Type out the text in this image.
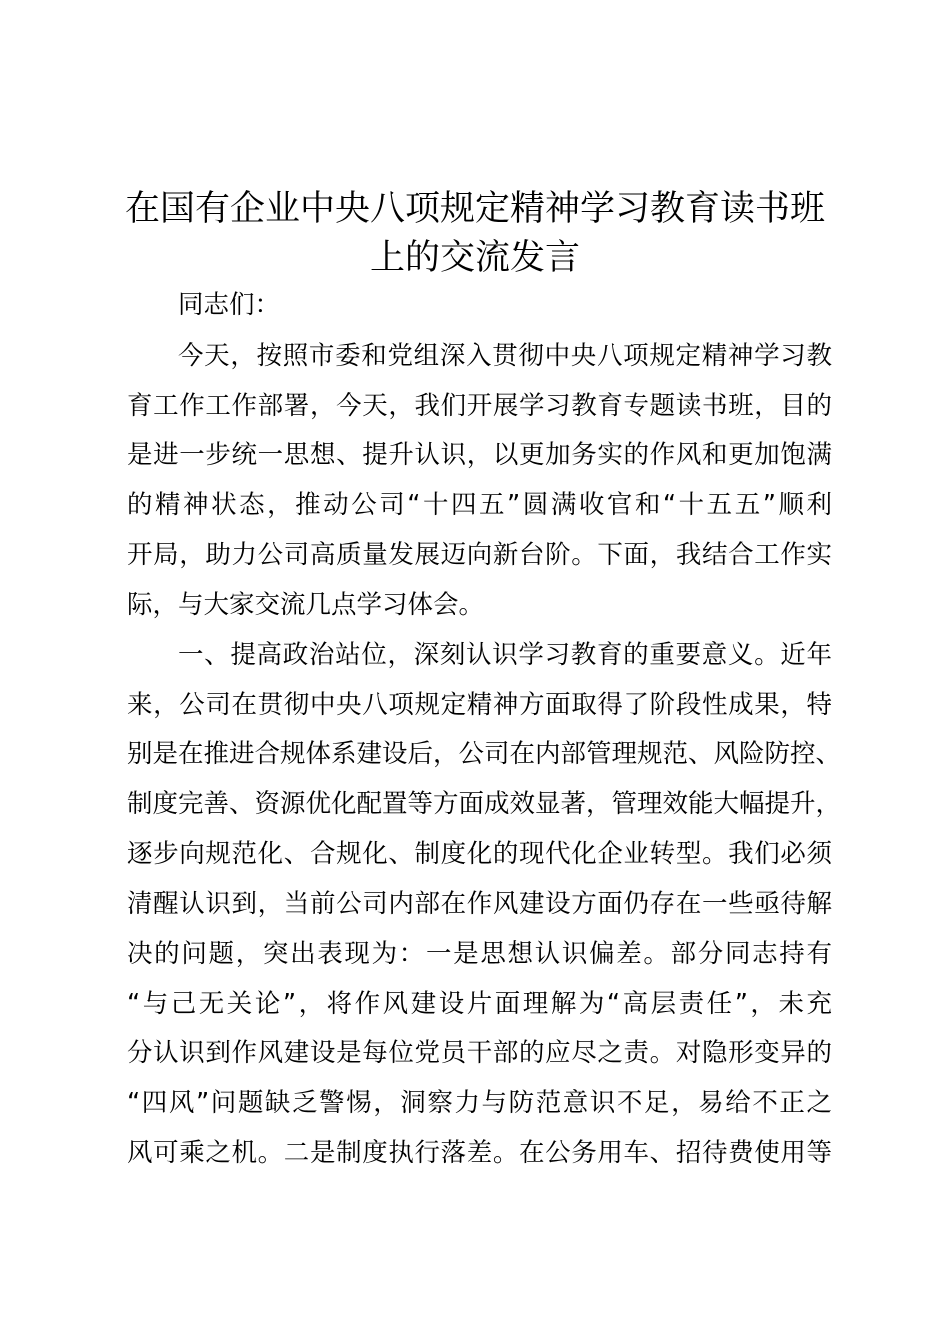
在国有企业中央八项规定精神学习教育读书班
上的交流发言
同志们：
今天，按照市委和党组深入贯彻中央八项规定精神学习教
育工作工作部署，今天，我们开展学习教育专题读书班，目的
是进一步统一思想、提升认识，以更加务实的作风和更加饱满
的精神状态，推动公司“十四五”圆满收官和“十五五”顺利
开局，助力公司高质量发展迈向新台阶。下面，我结合工作实
际，与大家交流几点学习体会。
一、提高政治站位，深刻认识学习教育的重要意义。近年
来，公司在贯彻中央八项规定精神方面取得了阶段性成果，特
别是在推进合规体系建设后，公司在内部管理规范、风险防控、
制度完善、资源优化配置等方面成效显著，管理效能大幅提升，
逐步向规范化、合规化、制度化的现代化企业转型。我们必须
清醒认识到，当前公司内部在作风建设方面仍存在一些亟待解
决的问题，突出表现为：一是思想认识偏差。部分同志持有
“与己无关论”，将作风建设片面理解为“高层责任”，未充
分认识到作风建设是每位党员干部的应尽之责。对隐形变异的
“四风”问题缺乏警惕，洞察力与防范意识不足，易给不正之
风可乘之机。二是制度执行落差。在公务用车、招待费使用等
